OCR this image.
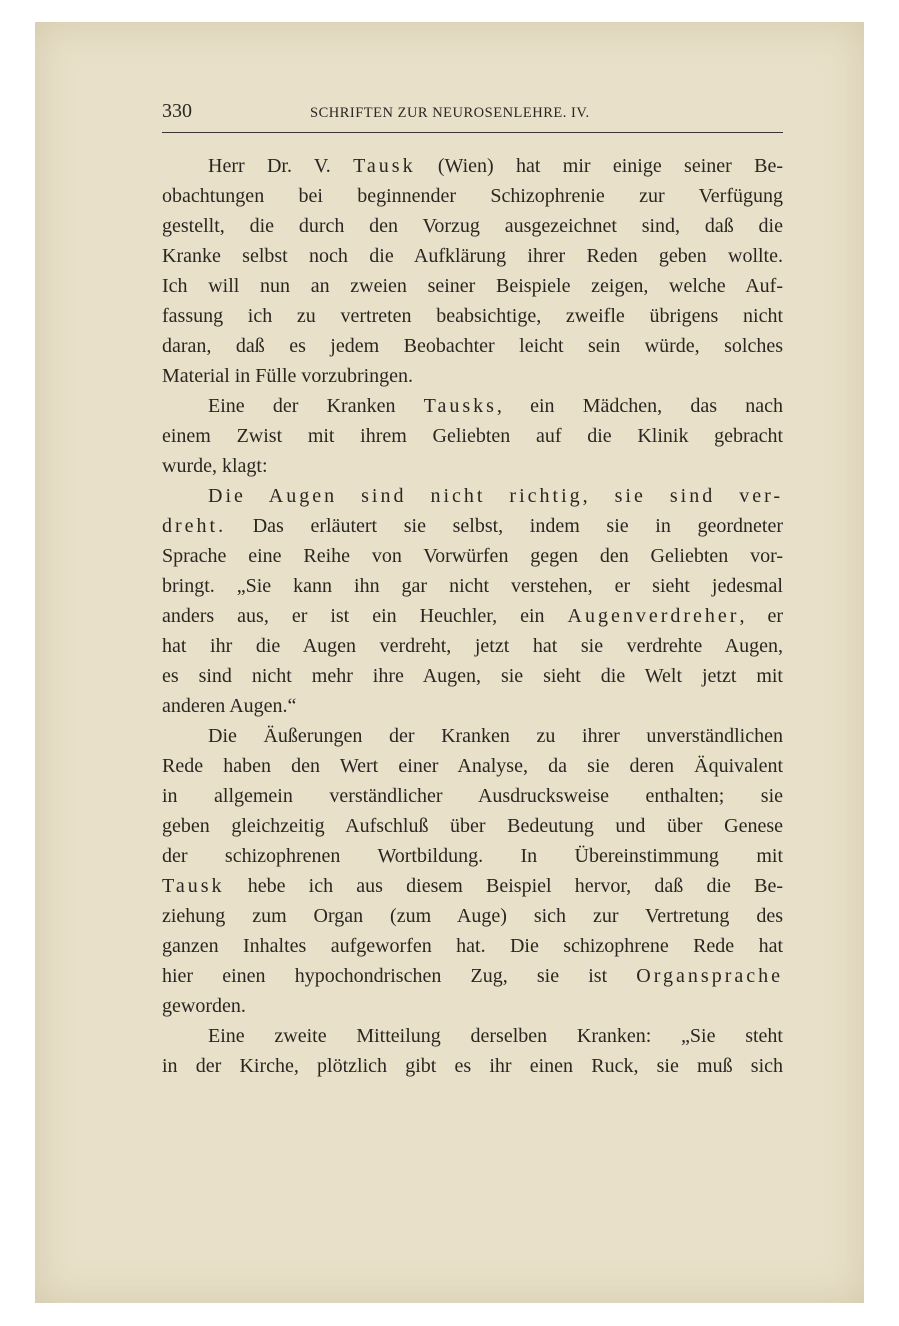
330	SCHRIFTEN ZUR NEUROSENLEHRE. IV.
Herr Dr. V. Tausk (Wien) hat mir einige seiner Be-
obachtungen bei beginnender Schizophrenie zur Verfügung
gestellt, die durch den Vorzug ausgezeichnet sind, daß die
Kranke selbst noch die Aufklärung ihrer Reden geben wollte.
Ich will nun an zweien seiner Beispiele zeigen, welche Auf-
fassung ich zu vertreten beabsichtige, zweifle übrigens nicht
daran, daß es jedem Beobachter leicht sein würde, solches
Material in Fülle vorzubringen.
Eine der Kranken Tausks, ein Mädchen, das nach
einem Zwist mit ihrem Geliebten auf die Klinik gebracht
wurde, klagt:
Die Augen sind nicht richtig, sie sind ver-
dreht. Das erläutert sie selbst, indem sie in geordneter
Sprache eine Reihe von Vorwürfen gegen den Geliebten vor-
bringt. „Sie kann ihn gar nicht verstehen, er sieht jedesmal
anders aus, er ist ein Heuchler, ein Augenverdreher, er
hat ihr die Augen verdreht, jetzt hat sie verdrehte Augen,
es sind nicht mehr ihre Augen, sie sieht die Welt jetzt mit
anderen Augen.“
Die Äußerungen der Kranken zu ihrer unverständlichen
Rede haben den Wert einer Analyse, da sie deren Äquivalent
in allgemein verständlicher Ausdrucksweise enthalten; sie
geben gleichzeitig Aufschluß über Bedeutung und über Genese
der schizophrenen Wortbildung. In Übereinstimmung mit
Tausk hebe ich aus diesem Beispiel hervor, daß die Be-
ziehung zum Organ (zum Auge) sich zur Vertretung des
ganzen Inhaltes aufgeworfen hat. Die schizophrene Rede hat
hier einen hypochondrischen Zug, sie ist Organsprache
geworden.
Eine zweite Mitteilung derselben Kranken: „Sie steht
in der Kirche, plötzlich gibt es ihr einen Ruck, sie muß sich
